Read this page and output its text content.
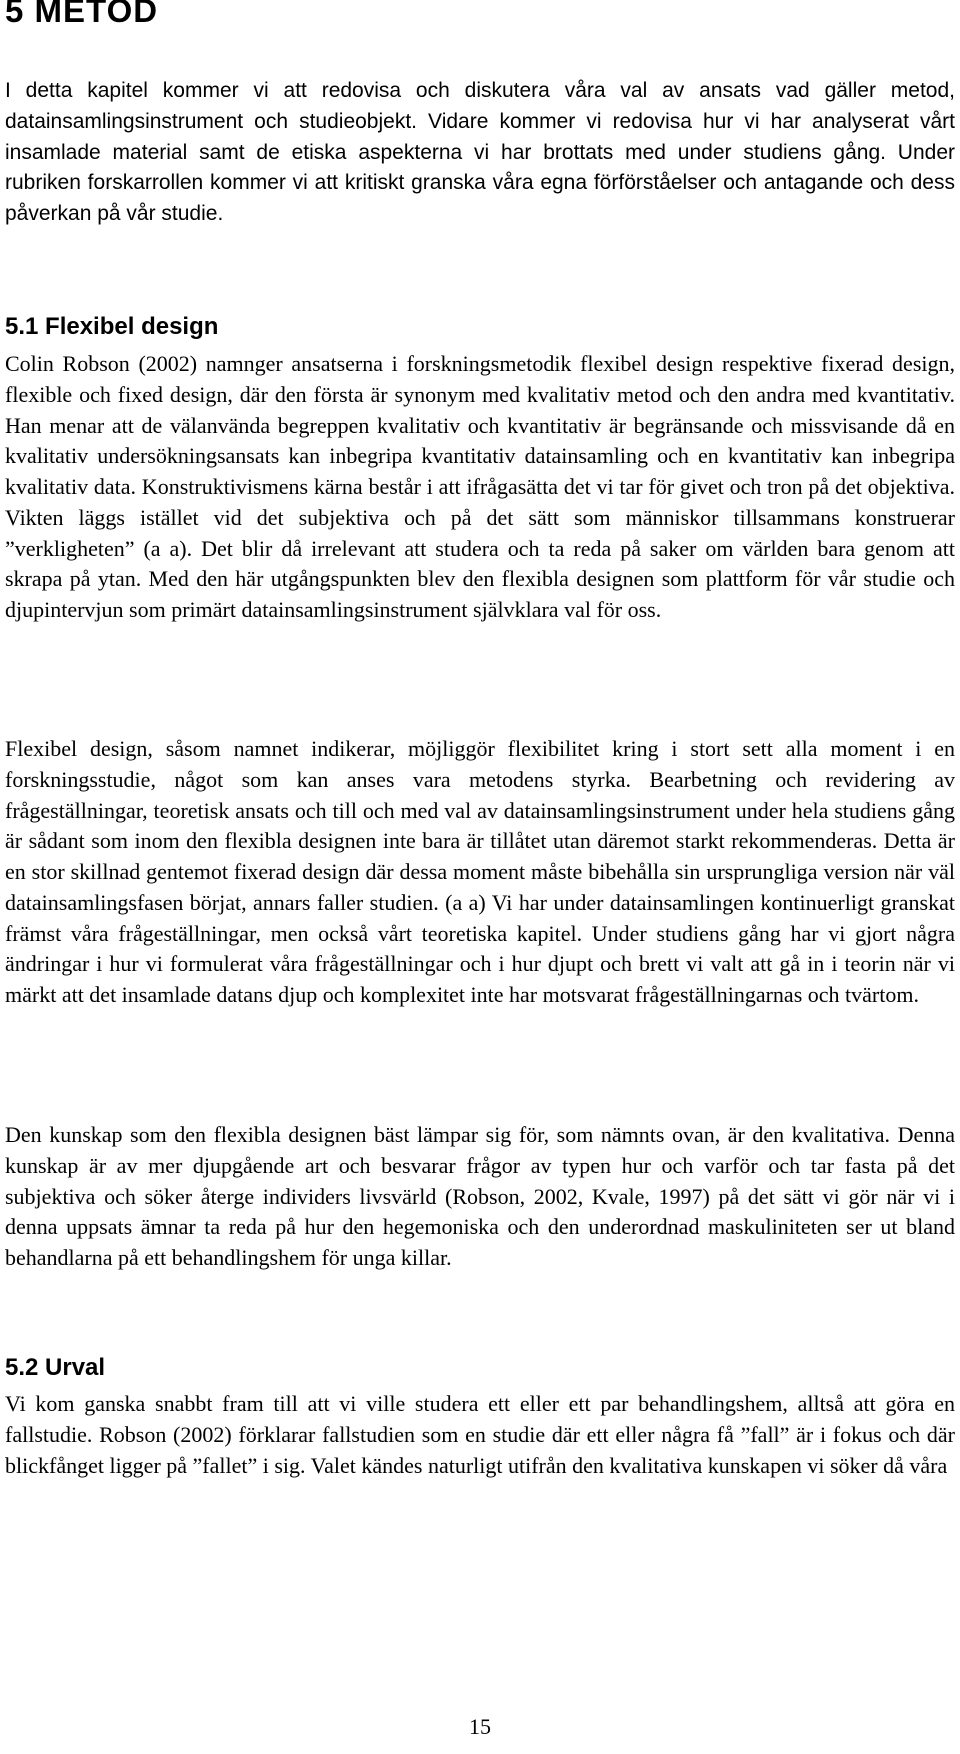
5 METOD

I detta kapitel kommer vi att redovisa och diskutera våra val av ansats vad gäller metod, datainsamlingsinstrument och studieobjekt. Vidare kommer vi redovisa hur vi har analyserat vårt insamlade material samt de etiska aspekterna vi har brottats med under studiens gång. Under rubriken forskarrollen kommer vi att kritiskt granska våra egna förförståelser och antagande och dess påverkan på vår studie.

5.1 Flexibel design

Colin Robson (2002) namnger ansatserna i forskningsmetodik flexibel design respektive fixerad design, flexible och fixed design, där den första är synonym med kvalitativ metod och den andra med kvantitativ. Han menar att de välanvända begreppen kvalitativ och kvantitativ är begränsande och missvisande då en kvalitativ undersökningsansats kan inbegripa kvantitativ datainsamling och en kvantitativ kan inbegripa kvalitativ data. Konstruktivismens kärna består i att ifrågasätta det vi tar för givet och tron på det objektiva. Vikten läggs istället vid det subjektiva och på det sätt som människor tillsammans konstruerar ”verkligheten” (a a). Det blir då irrelevant att studera och ta reda på saker om världen bara genom att skrapa på ytan. Med den här utgångspunkten blev den flexibla designen som plattform för vår studie och djupintervjun som primärt datainsamlingsinstrument självklara val för oss.

Flexibel design, såsom namnet indikerar, möjliggör flexibilitet kring i stort sett alla moment i en forskningsstudie, något som kan anses vara metodens styrka. Bearbetning och revidering av frågeställningar, teoretisk ansats och till och med val av datainsamlingsinstrument under hela studiens gång är sådant som inom den flexibla designen inte bara är tillåtet utan däremot starkt rekommenderas. Detta är en stor skillnad gentemot fixerad design där dessa moment måste bibehålla sin ursprungliga version när väl datainsamlingsfasen börjat, annars faller studien. (a a) Vi har under datainsamlingen kontinuerligt granskat främst våra frågeställningar, men också vårt teoretiska kapitel. Under studiens gång har vi gjort några ändringar i hur vi formulerat våra frågeställningar och i hur djupt och brett vi valt att gå in i teorin när vi märkt att det insamlade datans djup och komplexitet inte har motsvarat frågeställningarnas och tvärtom.

Den kunskap som den flexibla designen bäst lämpar sig för, som nämnts ovan, är den kvalitativa. Denna kunskap är av mer djupgående art och besvarar frågor av typen hur och varför och tar fasta på det subjektiva och söker återge individers livsvärld (Robson, 2002, Kvale, 1997) på det sätt vi gör när vi i denna uppsats ämnar ta reda på hur den hegemoniska och den underordnad maskuliniteten ser ut bland behandlarna på ett behandlingshem för unga killar.

5.2 Urval

Vi kom ganska snabbt fram till att vi ville studera ett eller ett par behandlingshem, alltså att göra en fallstudie. Robson (2002) förklarar fallstudien som en studie där ett eller några få ”fall” är i fokus och där blickfånget ligger på ”fallet” i sig. Valet kändes naturligt utifrån den kvalitativa kunskapen vi söker då våra

15
